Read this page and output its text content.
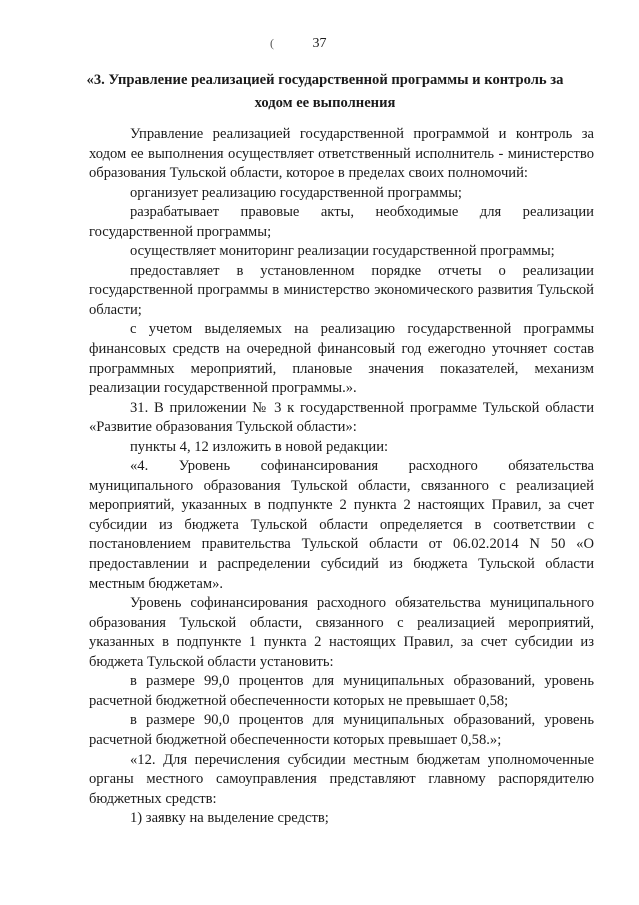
37
(
«3. Управление реализацией государственной программы и контроль за ходом ее выполнения

Управление реализацией государственной программой и контроль за ходом ее выполнения осуществляет ответственный исполнитель - министерство образования Тульской области, которое в пределах своих полномочий:

организует реализацию государственной программы;

разрабатывает правовые акты, необходимые для реализации государственной программы;

осуществляет мониторинг реализации государственной программы;

предоставляет в установленном порядке отчеты о реализации государственной программы в министерство экономического развития Тульской области;

с учетом выделяемых на реализацию государственной программы финансовых средств на очередной финансовый год ежегодно уточняет состав программных мероприятий, плановые значения показателей, механизм реализации государственной программы.».

31. В приложении № 3 к государственной программе Тульской области «Развитие образования Тульской области»:

пункты 4, 12 изложить в новой редакции:

«4. Уровень софинансирования расходного обязательства муниципального образования Тульской области, связанного с реализацией мероприятий, указанных в подпункте 2 пункта 2 настоящих Правил, за счет субсидии из бюджета Тульской области определяется в соответствии с постановлением правительства Тульской области от 06.02.2014 N 50 «О предоставлении и распределении субсидий из бюджета Тульской области местным бюджетам».

Уровень софинансирования расходного обязательства муниципального образования Тульской области, связанного с реализацией мероприятий, указанных в подпункте 1 пункта 2 настоящих Правил, за счет субсидии из бюджета Тульской области установить:

в размере 99,0 процентов для муниципальных образований, уровень расчетной бюджетной обеспеченности которых не превышает 0,58;

в размере 90,0 процентов для муниципальных образований, уровень расчетной бюджетной обеспеченности которых превышает 0,58.»;

«12. Для перечисления субсидии местным бюджетам уполномоченные органы местного самоуправления представляют главному распорядителю бюджетных средств:

1) заявку на выделение средств;
